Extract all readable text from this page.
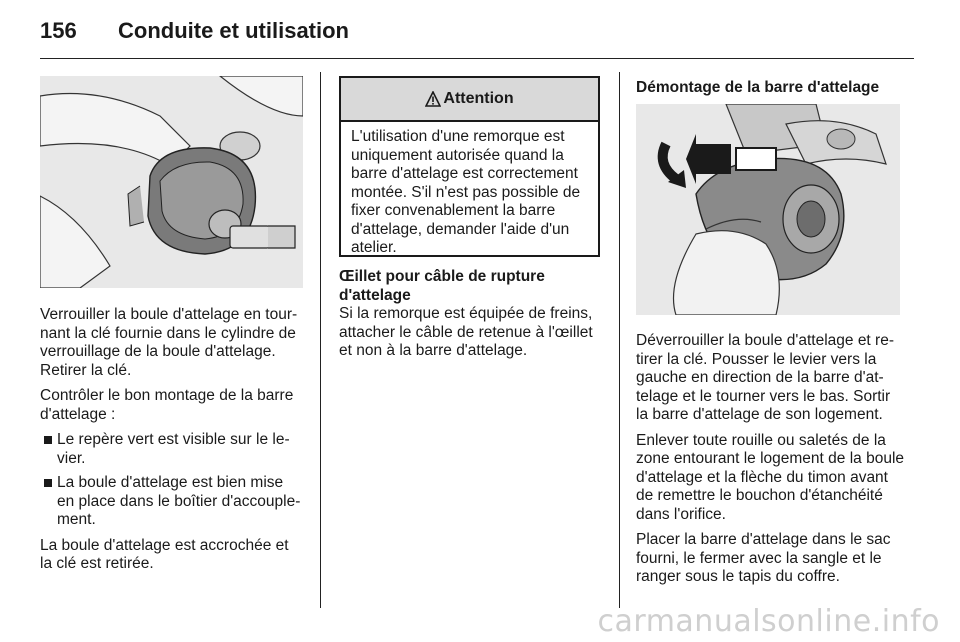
156 Conduite et utilisation

Verrouiller la boule d'attelage en tournant la clé fournie dans le cylindre de verrouillage de la boule d'attelage. Retirer la clé.

Contrôler le bon montage de la barre d'attelage :

Le repère vert est visible sur le levier.
La boule d'attelage est bien mise en place dans le boîtier d'accouplement.

La boule d'attelage est accrochée et la clé est retirée.

Attention
L'utilisation d'une remorque est uniquement autorisée quand la barre d'attelage est correctement montée. S'il n'est pas possible de fixer convenablement la barre d'attelage, demander l'aide d'un atelier.

Œillet pour câble de rupture d'attelage

Si la remorque est équipée de freins, attacher le câble de retenue à l'œillet et non à la barre d'attelage.

Démontage de la barre d'attelage

Déverrouiller la boule d'attelage et retirer la clé. Pousser le levier vers la gauche en direction de la barre d'attelage et le tourner vers le bas. Sortir la barre d'attelage de son logement.

Enlever toute rouille ou saletés de la zone entourant le logement de la boule d'attelage et la flèche du timon avant de remettre le bouchon d'étanchéité dans l'orifice.

Placer la barre d'attelage dans le sac fourni, le fermer avec la sangle et le ranger sous le tapis du coffre.

carmanualsonline.info
